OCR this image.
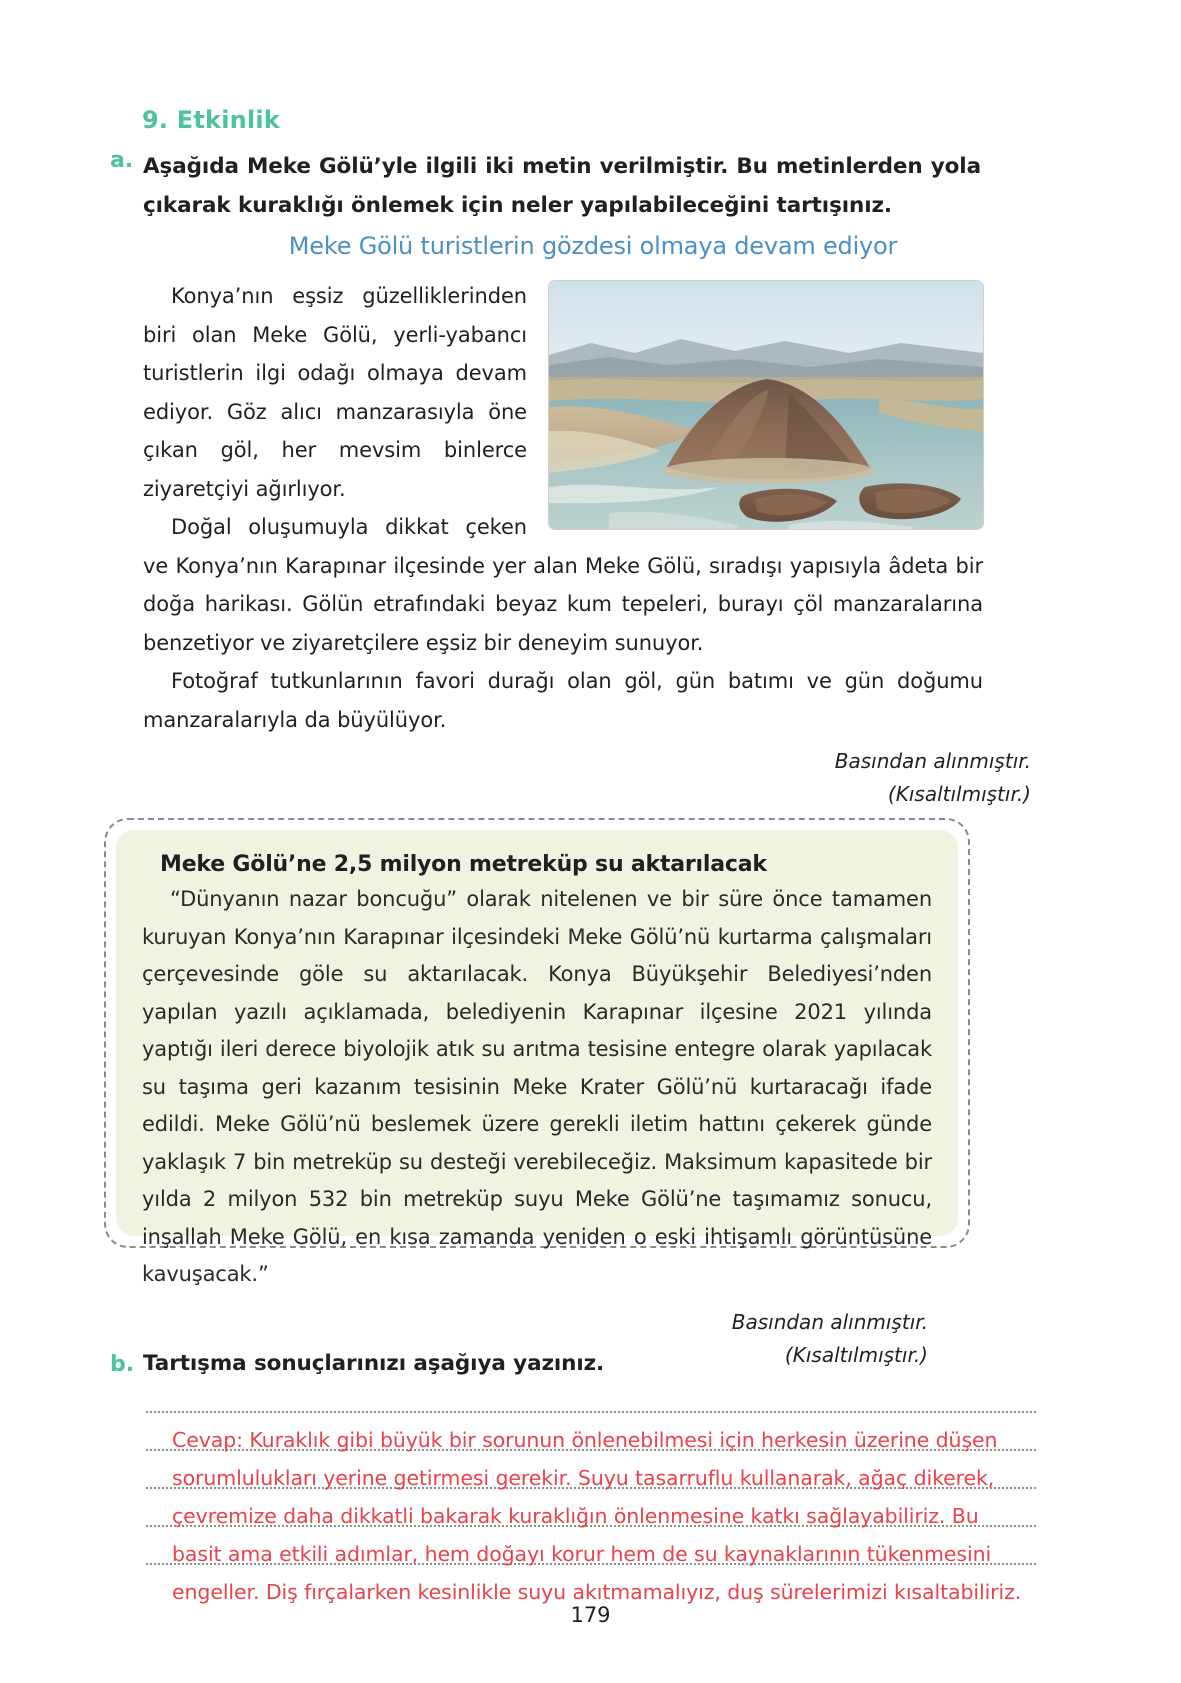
9. Etkinlik
a. Aşağıda Meke Gölü’yle ilgili iki metin verilmiştir. Bu metinlerden yola çıkarak kuraklığı önlemek için neler yapılabileceğini tartışınız.
Meke Gölü turistlerin gözdesi olmaya devam ediyor

Konya’nın eşsiz güzelliklerinden biri olan Meke Gölü, yerli-yabancı turistlerin ilgi odağı olmaya devam ediyor. Göz alıcı manzarasıyla öne çıkan göl, her mevsim binlerce ziyaretçiyi ağırlıyor.

Doğal oluşumuyla dikkat çeken ve Konya’nın Karapınar ilçesinde yer alan Meke Gölü, sıradışı yapısıyla âdeta bir doğa harikası. Gölün etrafındaki beyaz kum tepeleri, burayı çöl manzaralarına benzetiyor ve ziyaretçilere eşsiz bir deneyim sunuyor.

Fotoğraf tutkunlarının favori durağı olan göl, gün batımı ve gün doğumu manzaralarıyla da büyülüyor.

Basından alınmıştır.
(Kısaltılmıştır.)
Meke Gölü’ne 2,5 milyon metreküp su aktarılacak

“Dünyanın nazar boncuğu” olarak nitelenen ve bir süre önce tamamen kuruyan Konya’nın Karapınar ilçesindeki Meke Gölü’nü kurtarma çalışmaları çerçevesinde göle su aktarılacak. Konya Büyükşehir Belediyesi’nden yapılan yazılı açıklamada, belediyenin Karapınar ilçesine 2021 yılında yaptığı ileri derece biyolojik atık su arıtma tesisine entegre olarak yapılacak su taşıma geri kazanım tesisinin Meke Krater Gölü’nü kurtaracağı ifade edildi. Meke Gölü’nü beslemek üzere gerekli iletim hattını çekerek günde yaklaşık 7 bin metreküp su desteği verebileceğiz. Maksimum kapasitede bir yılda 2 milyon 532 bin metreküp suyu Meke Gölü’ne taşımamız sonucu, inşallah Meke Gölü, en kısa zamanda yeniden o eski ihtişamlı görüntüsüne kavuşacak.”

Basından alınmıştır.
(Kısaltılmıştır.)
b. Tartışma sonuçlarınızı aşağıya yazınız.
Cevap: Kuraklık gibi büyük bir sorunun önlenebilmesi için herkesin üzerine düşen sorumlulukları yerine getirmesi gerekir. Suyu tasarruflu kullanarak, ağaç dikerek, çevremize daha dikkatli bakarak kuraklığın önlenmesine katkı sağlayabiliriz. Bu basit ama etkili adımlar, hem doğayı korur hem de su kaynaklarının tükenmesini engeller. Diş fırçalarken kesinlikle suyu akıtmamalıyız, duş sürelerimizi kısaltabiliriz.
179
